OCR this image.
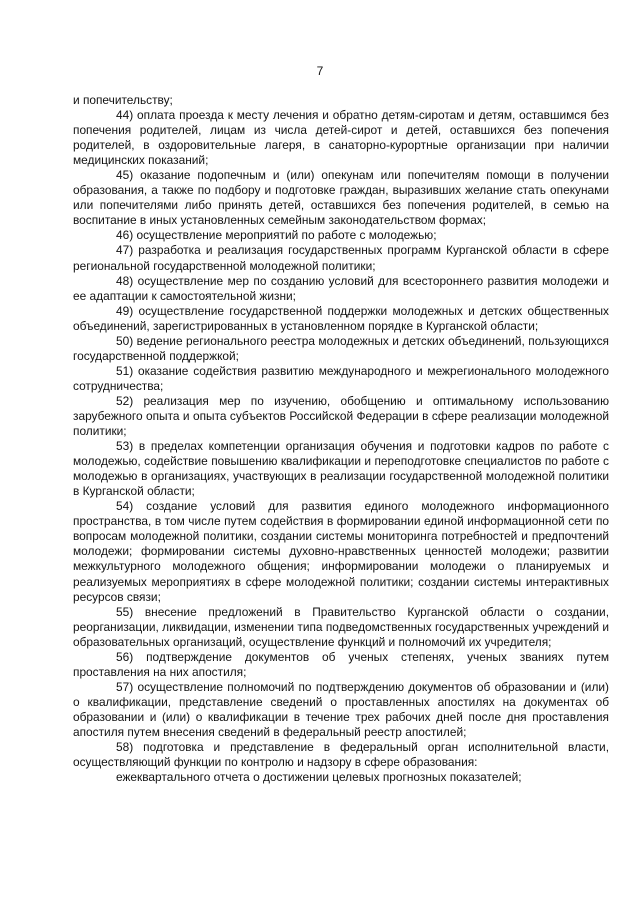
7

и попечительству;

44) оплата проезда к месту лечения и обратно детям-сиротам и детям, оставшимся без попечения родителей, лицам из числа детей-сирот и детей, оставшихся без попечения родителей, в оздоровительные лагеря, в санаторно-курортные организации при наличии медицинских показаний;

45) оказание подопечным и (или) опекунам или попечителям помощи в получении образования, а также по подбору и подготовке граждан, выразивших желание стать опекунами или попечителями либо принять детей, оставшихся без попечения родителей, в семью на воспитание в иных установленных семейным законодательством формах;

46) осуществление мероприятий по работе с молодежью;

47) разработка и реализация государственных программ Курганской области в сфере региональной государственной молодежной политики;

48) осуществление мер по созданию условий для всестороннего развития молодежи и ее адаптации к самостоятельной жизни;

49) осуществление государственной поддержки молодежных и детских общественных объединений, зарегистрированных в установленном порядке в Курганской области;

50) ведение регионального реестра молодежных и детских объединений, пользующихся государственной поддержкой;

51) оказание содействия развитию международного и межрегионального молодежного сотрудничества;

52) реализация мер по изучению, обобщению и оптимальному использованию зарубежного опыта и опыта субъектов Российской Федерации в сфере реализации молодежной политики;

53) в пределах компетенции организация обучения и подготовки кадров по работе с молодежью, содействие повышению квалификации и переподготовке специалистов по работе с молодежью в организациях, участвующих в реализации государственной молодежной политики в Курганской области;

54) создание условий для развития единого молодежного информационного пространства, в том числе путем содействия в формировании единой информационной сети по вопросам молодежной политики, создании системы мониторинга потребностей и предпочтений молодежи; формировании системы духовно-нравственных ценностей молодежи; развитии межкультурного молодежного общения; информировании молодежи о планируемых и реализуемых мероприятиях в сфере молодежной политики; создании системы интерактивных ресурсов связи;

55) внесение предложений в Правительство Курганской области о создании, реорганизации, ликвидации, изменении типа подведомственных государственных учреждений и образовательных организаций, осуществление функций и полномочий их учредителя;

56) подтверждение документов об ученых степенях, ученых званиях путем проставления на них апостиля;

57) осуществление полномочий по подтверждению документов об образовании и (или) о квалификации, представление сведений о проставленных апостилях на документах об образовании и (или) о квалификации в течение трех рабочих дней после дня проставления апостиля путем внесения сведений в федеральный реестр апостилей;

58) подготовка и представление в федеральный орган исполнительной власти, осуществляющий функции по контролю и надзору в сфере образования:

ежеквартального отчета о достижении целевых прогнозных показателей;
